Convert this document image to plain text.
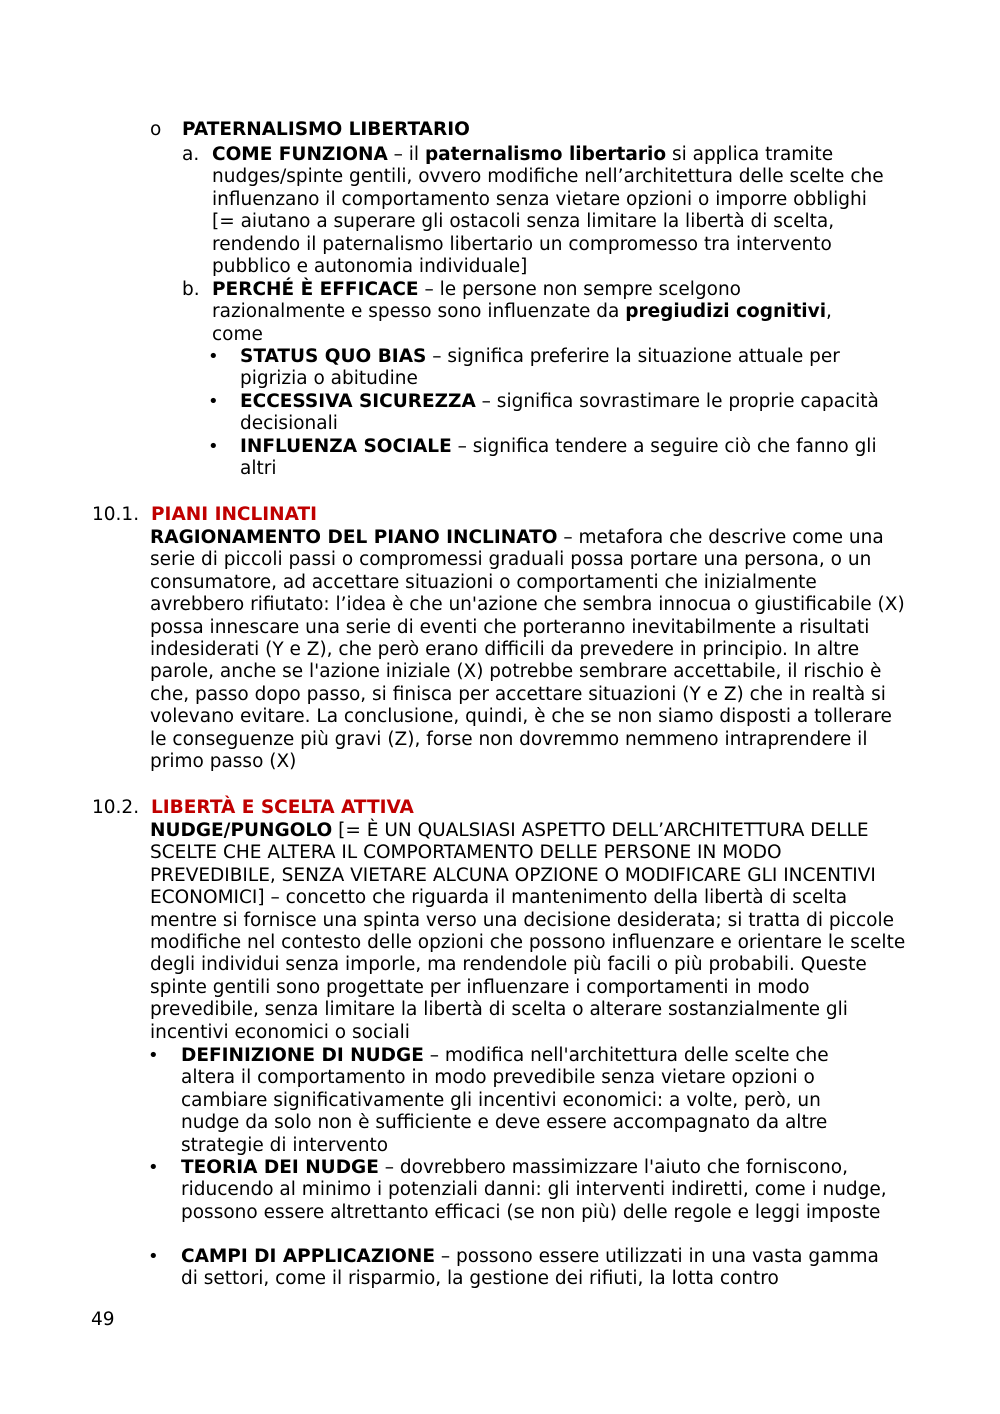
o PATERNALISMO LIBERTARIO
a. COME FUNZIONA – il paternalismo libertario si applica tramite nudges/spinte gentili, ovvero modifiche nell’architettura delle scelte che influenzano il comportamento senza vietare opzioni o imporre obblighi [= aiutano a superare gli ostacoli senza limitare la libertà di scelta, rendendo il paternalismo libertario un compromesso tra intervento pubblico e autonomia individuale]
b. PERCHÉ È EFFICACE – le persone non sempre scelgono razionalmente e spesso sono influenzate da pregiudizi cognitivi, come
• STATUS QUO BIAS – significa preferire la situazione attuale per pigrizia o abitudine
• ECCESSIVA SICUREZZA – significa sovrastimare le proprie capacità decisionali
• INFLUENZA SOCIALE – significa tendere a seguire ciò che fanno gli altri
10.1. PIANI INCLINATI
RAGIONAMENTO DEL PIANO INCLINATO – metafora che descrive come una serie di piccoli passi o compromessi graduali possa portare una persona, o un consumatore, ad accettare situazioni o comportamenti che inizialmente avrebbero rifiutato: l’idea è che un'azione che sembra innocua o giustificabile (X) possa innescare una serie di eventi che porteranno inevitabilmente a risultati indesiderati (Y e Z), che però erano difficili da prevedere in principio. In altre parole, anche se l'azione iniziale (X) potrebbe sembrare accettabile, il rischio è che, passo dopo passo, si finisca per accettare situazioni (Y e Z) che in realtà si volevano evitare. La conclusione, quindi, è che se non siamo disposti a tollerare le conseguenze più gravi (Z), forse non dovremmo nemmeno intraprendere il primo passo (X)
10.2. LIBERTÀ E SCELTA ATTIVA
NUDGE/PUNGOLO [= È UN QUALSIASI ASPETTO DELL’ARCHITETTURA DELLE SCELTE CHE ALTERA IL COMPORTAMENTO DELLE PERSONE IN MODO PREVEDIBILE, SENZA VIETARE ALCUNA OPZIONE O MODIFICARE GLI INCENTIVI ECONOMICI] – concetto che riguarda il mantenimento della libertà di scelta mentre si fornisce una spinta verso una decisione desiderata; si tratta di piccole modifiche nel contesto delle opzioni che possono influenzare e orientare le scelte degli individui senza imporle, ma rendendole più facili o più probabili. Queste spinte gentili sono progettate per influenzare i comportamenti in modo prevedibile, senza limitare la libertà di scelta o alterare sostanzialmente gli incentivi economici o sociali
• DEFINIZIONE DI NUDGE – modifica nell'architettura delle scelte che altera il comportamento in modo prevedibile senza vietare opzioni o cambiare significativamente gli incentivi economici: a volte, però, un nudge da solo non è sufficiente e deve essere accompagnato da altre strategie di intervento
• TEORIA DEI NUDGE – dovrebbero massimizzare l'aiuto che forniscono, riducendo al minimo i potenziali danni: gli interventi indiretti, come i nudge, possono essere altrettanto efficaci (se non più) delle regole e leggi imposte
• CAMPI DI APPLICAZIONE – possono essere utilizzati in una vasta gamma di settori, come il risparmio, la gestione dei rifiuti, la lotta contro
49
